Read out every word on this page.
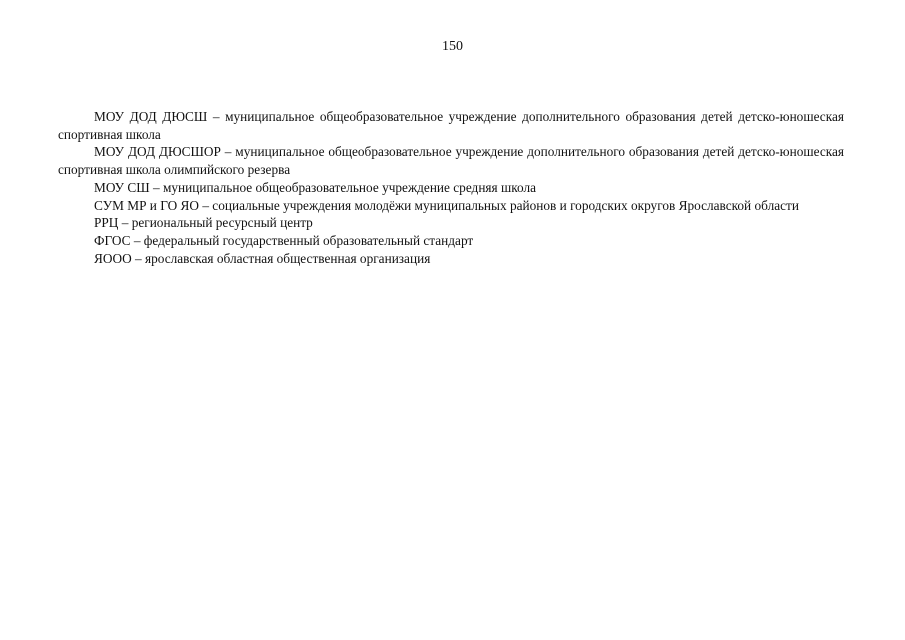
150

МОУ ДОД ДЮСШ – муниципальное общеобразовательное учреждение дополнительного образования детей детско-юношеская спортивная школа

МОУ ДОД ДЮСШОР – муниципальное общеобразовательное учреждение дополнительного образования детей детско-юношеская спортивная школа олимпийского резерва

МОУ СШ – муниципальное общеобразовательное учреждение средняя школа

СУМ МР и ГО ЯО – социальные учреждения молодёжи муниципальных районов и городских округов Ярославской области

РРЦ – региональный ресурсный центр

ФГОС – федеральный государственный образовательный стандарт

ЯООО – ярославская областная общественная организация
